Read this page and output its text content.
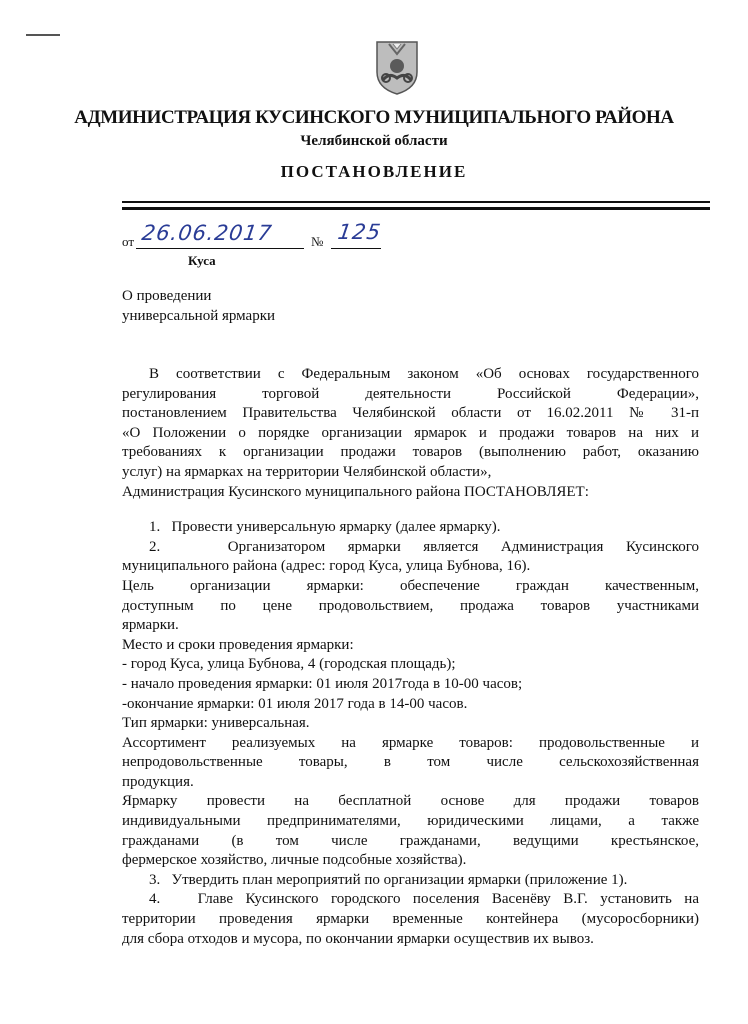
АДМИНИСТРАЦИЯ КУСИНСКОГО МУНИЦИПАЛЬНОГО РАЙОНА
Челябинской области
ПОСТАНОВЛЕНИЕ
от 26.06.2017	№ 125
Куса
О проведении
универсальной ярмарки

В соответствии с Федеральным законом «Об основах государственного

регулирования торговой деятельности Российской Федерации»,

постановлением Правительства Челябинской области от 16.02.2011 № 31-п

«О Положении о порядке организации ярмарок и продажи товаров на них и

требованиях к организации продажи товаров (выполнению работ, оказанию

услуг) на ярмарках на территории Челябинской области»,

Администрация Кусинского муниципального района ПОСТАНОВЛЯЕТ:

1.   Провести универсальную ярмарку (далее ярмарку).

2.   Организатором ярмарки является Администрация Кусинского

муниципального района (адрес: город Куса, улица Бубнова, 16).

Цель организации ярмарки: обеспечение граждан качественным,

доступным по цене продовольствием, продажа товаров участниками

ярмарки.

Место и сроки проведения ярмарки:

- город Куса, улица Бубнова, 4 (городская площадь);

- начало проведения ярмарки: 01 июля 2017года в 10-00 часов;

-окончание ярмарки: 01 июля 2017 года в 14-00 часов.

Тип ярмарки: универсальная.

Ассортимент реализуемых на ярмарке товаров: продовольственные и

непродовольственные товары, в том числе сельскохозяйственная

продукция.

Ярмарку провести на бесплатной основе для продажи товаров

индивидуальными предпринимателями, юридическими лицами, а также

гражданами (в том числе гражданами, ведущими крестьянское,

фермерское хозяйство, личные подсобные хозяйства).

3.   Утвердить план мероприятий по организации ярмарки (приложение 1).

4.   Главе Кусинского городского поселения Васенёву В.Г. установить на

территории проведения ярмарки временные контейнера (мусоросборники)

для сбора отходов и мусора, по окончании ярмарки осуществив их вывоз.
